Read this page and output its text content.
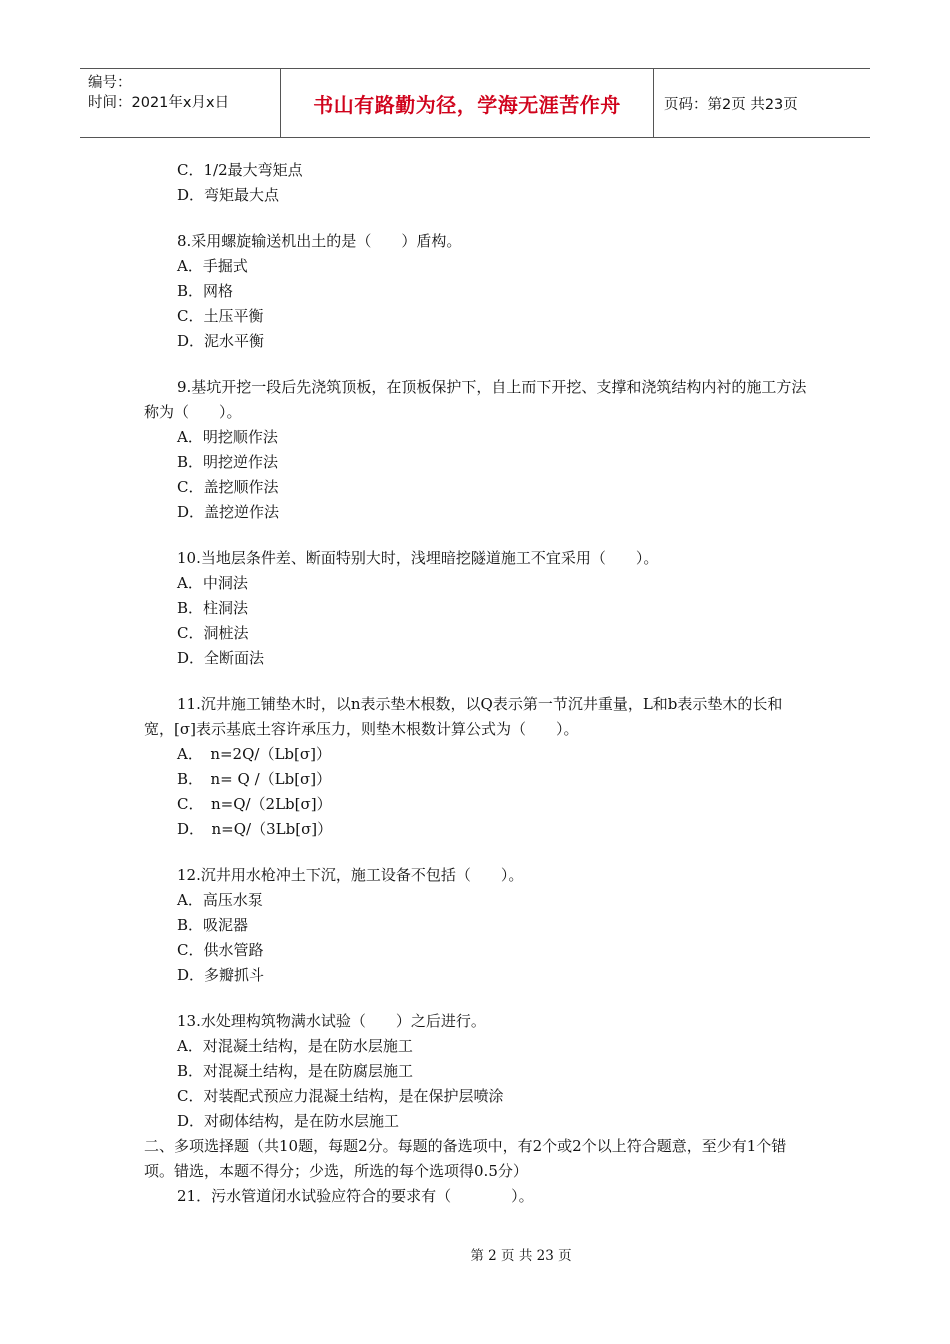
编号：
时间：2021年x月x日	书山有路勤为径，学海无涯苦作舟	页码：第2页 共23页
C．1/2最大弯矩点
D．弯矩最大点
8.采用螺旋输送机出土的是（　　）盾构。
A．手掘式
B．网格
C．土压平衡
D．泥水平衡
9.基坑开挖一段后先浇筑顶板，在顶板保护下，自上而下开挖、支撑和浇筑结构内衬的施工方法称为（　　）。
A．明挖顺作法
B．明挖逆作法
C．盖挖顺作法
D．盖挖逆作法
10.当地层条件差、断面特别大时，浅埋暗挖隧道施工不宜采用（　　）。
A．中洞法
B．柱洞法
C．洞桩法
D．全断面法
11.沉井施工铺垫木时，以n表示垫木根数，以Q表示第一节沉井重量，L和b表示垫木的长和宽，[σ]表示基底土容许承压力，则垫木根数计算公式为（　　）。
A．　n=2Q/（Lb[σ]）
B．　n= Q /（Lb[σ]）
C．　n=Q/（2Lb[σ]）
D．　n=Q/（3Lb[σ]）
12.沉井用水枪冲土下沉，施工设备不包括（　　）。
A．高压水泵
B．吸泥器
C．供水管路
D．多瓣抓斗
13.水处理构筑物满水试验（　　）之后进行。
A．对混凝土结构，是在防水层施工
B．对混凝土结构，是在防腐层施工
C．对装配式预应力混凝土结构，是在保护层喷涂
D．对砌体结构，是在防水层施工
二、多项选择题（共10题，每题2分。每题的备选项中，有2个或2个以上符合题意，至少有1个错项。错选，本题不得分；少选，所选的每个选项得0.5分）
21．污水管道闭水试验应符合的要求有（　　　　）。
第 2 页 共 23 页
